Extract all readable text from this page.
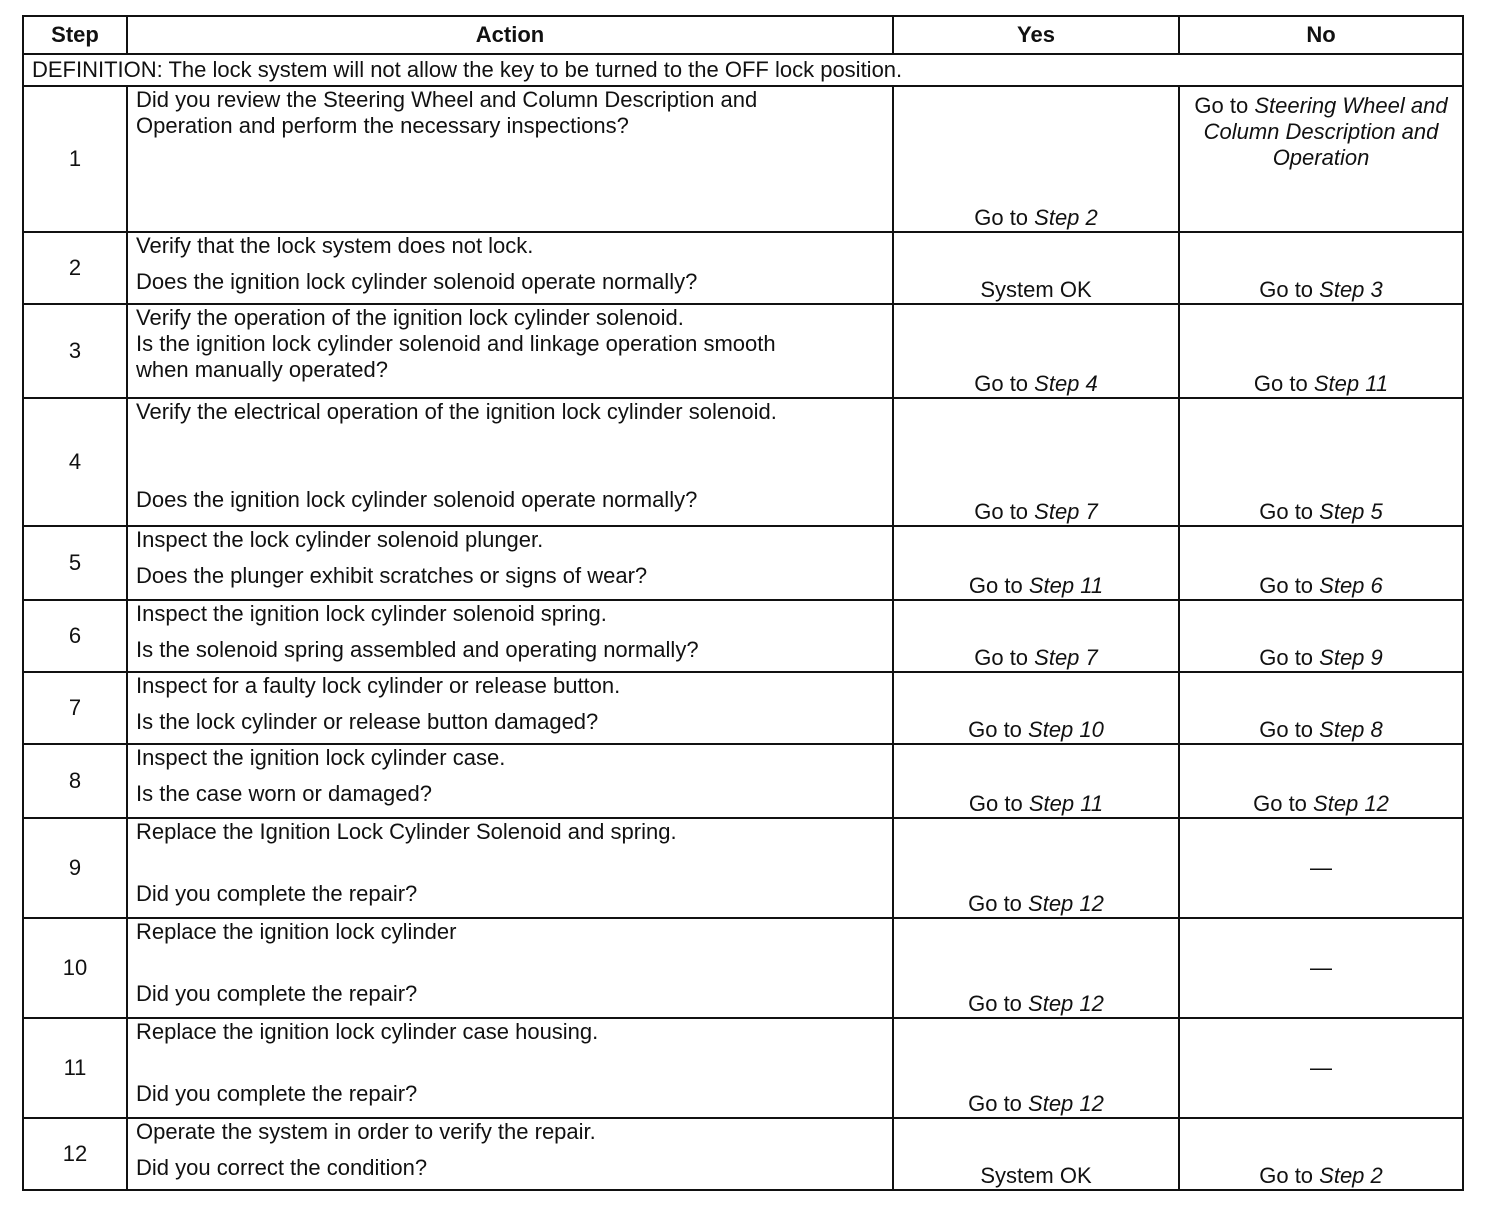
Step	Action	Yes	No
DEFINITION: The lock system will not allow the key to be turned to the OFF lock position.			
1	Did you review the Steering Wheel and Column Description and
Operation and perform the necessary inspections?	Go to Step 2	Go to Steering Wheel and Column Description and Operation
2	Verify that the lock system does not lock.
Does the ignition lock cylinder solenoid operate normally?	System OK	Go to Step 3
3	Verify the operation of the ignition lock cylinder solenoid.
Is the ignition lock cylinder solenoid and linkage operation smooth
when manually operated?	Go to Step 4	Go to Step 11
4	Verify the electrical operation of the ignition lock cylinder solenoid.
Does the ignition lock cylinder solenoid operate normally?	Go to Step 7	Go to Step 5
5	Inspect the lock cylinder solenoid plunger.
Does the plunger exhibit scratches or signs of wear?	Go to Step 11	Go to Step 6
6	Inspect the ignition lock cylinder solenoid spring.
Is the solenoid spring assembled and operating normally?	Go to Step 7	Go to Step 9
7	Inspect for a faulty lock cylinder or release button.
Is the lock cylinder or release button damaged?	Go to Step 10	Go to Step 8
8	Inspect the ignition lock cylinder case.
Is the case worn or damaged?	Go to Step 11	Go to Step 12
9	Replace the Ignition Lock Cylinder Solenoid and spring.
Did you complete the repair?	Go to Step 12	—
10	Replace the ignition lock cylinder
Did you complete the repair?	Go to Step 12	—
11	Replace the ignition lock cylinder case housing.
Did you complete the repair?	Go to Step 12	—
12	Operate the system in order to verify the repair.
Did you correct the condition?	System OK	Go to Step 2
